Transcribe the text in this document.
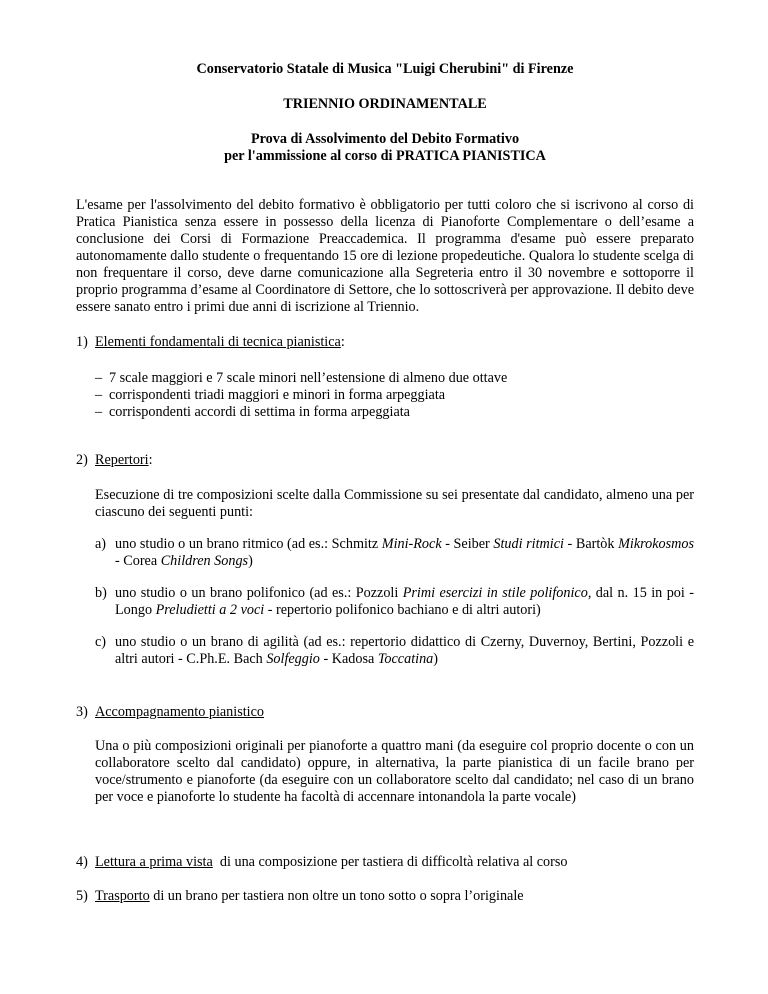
Conservatorio Statale di Musica "Luigi Cherubini" di Firenze
TRIENNIO ORDINAMENTALE
Prova di Assolvimento del Debito Formativo
per l'ammissione al corso di PRATICA PIANISTICA
L'esame per l'assolvimento del debito formativo è obbligatorio per tutti coloro che si iscrivono al corso di Pratica Pianistica senza essere in possesso della licenza di Pianoforte Complementare o dell’esame a conclusione dei Corsi di Formazione Preaccademica. Il programma d'esame può essere preparato autonomamente dallo studente o frequentando 15 ore di lezione propedeutiche. Qualora lo studente scelga di non frequentare il corso, deve darne comunicazione alla Segreteria entro il 30 novembre e sottoporre il proprio programma d’esame al Coordinatore di Settore, che lo sottoscriverà per approvazione. Il debito deve essere sanato entro i primi due anni di iscrizione al Triennio.
1) Elementi fondamentali di tecnica pianistica:
– 7 scale maggiori e 7 scale minori nell’estensione di almeno due ottave
– corrispondenti triadi maggiori e minori in forma arpeggiata
– corrispondenti accordi di settima in forma arpeggiata
2) Repertori:
Esecuzione di tre composizioni scelte dalla Commissione su sei presentate dal candidato, almeno una per ciascuno dei seguenti punti:
a) uno studio o un brano ritmico (ad es.: Schmitz Mini-Rock - Seiber Studi ritmici - Bartòk Mikrokosmos - Corea Children Songs)
b) uno studio o un brano polifonico (ad es.: Pozzoli Primi esercizi in stile polifonico, dal n. 15 in poi - Longo Preludietti a 2 voci - repertorio polifonico bachiano e di altri autori)
c) uno studio o un brano di agilità (ad es.: repertorio didattico di Czerny, Duvernoy, Bertini, Pozzoli e altri autori - C.Ph.E. Bach Solfeggio - Kadosa Toccatina)
3) Accompagnamento pianistico
Una o più composizioni originali per pianoforte a quattro mani (da eseguire col proprio docente o con un collaboratore scelto dal candidato) oppure, in alternativa, la parte pianistica di un facile brano per voce/strumento e pianoforte (da eseguire con un collaboratore scelto dal candidato; nel caso di un brano per voce e pianoforte lo studente ha facoltà di accennare intonandola la parte vocale)
4) Lettura a prima vista  di una composizione per tastiera di difficoltà relativa al corso
5) Trasporto di un brano per tastiera non oltre un tono sotto o sopra l’originale
